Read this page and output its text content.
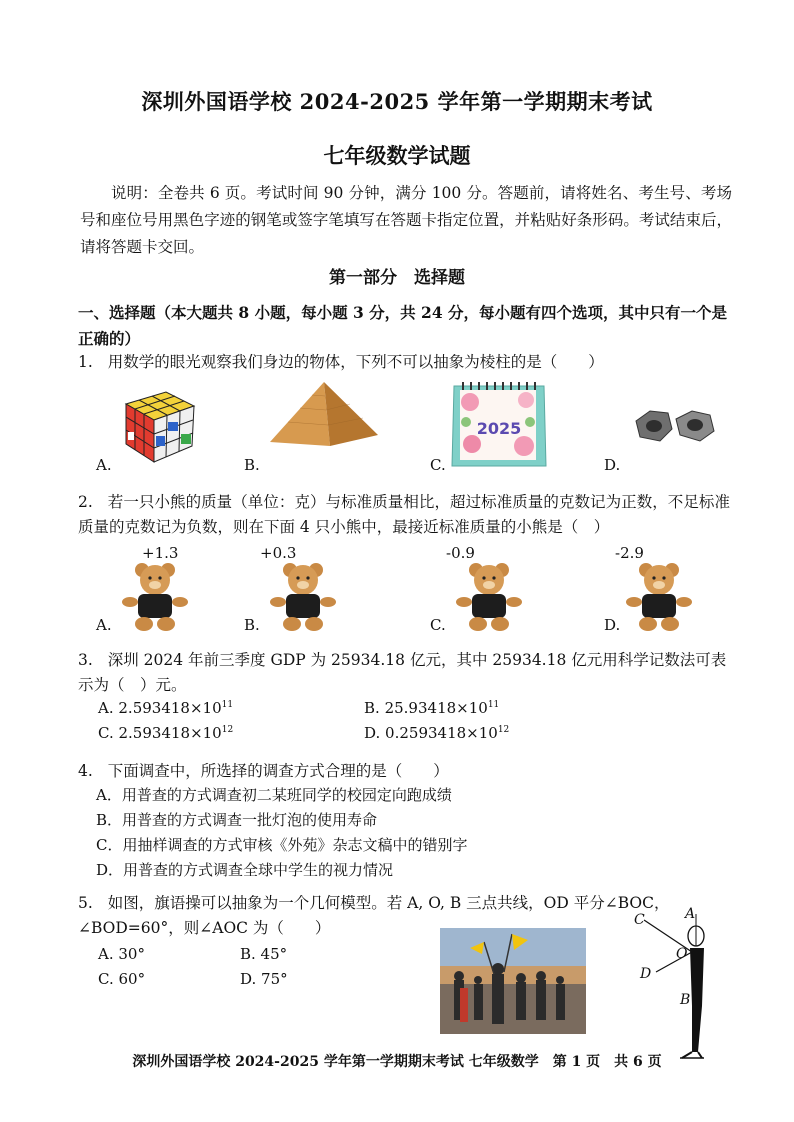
深圳外国语学校 2024-2025 学年第一学期期末考试
七年级数学试题
说明：全卷共 6 页。考试时间 90 分钟，满分 100 分。答题前，请将姓名、考生号、考场号和座位号用黑色字迹的钢笔或签字笔填写在答题卡指定位置，并粘贴好条形码。考试结束后，请将答题卡交回。
第一部分　选择题
一、选择题（本大题共 8 小题，每小题 3 分，共 24 分，每小题有四个选项，其中只有一个是正确的）
1. 用数学的眼光观察我们身边的物体，下列不可以抽象为棱柱的是（　　）
2025
A.	B.	C.	D.
2. 若一只小熊的质量（单位：克）与标准质量相比，超过标准质量的克数记为正数，不足标准质量的克数记为负数，则在下面 4 只小熊中，最接近标准质量的小熊是（　）
+1.3	+0.3	-0.9	-2.9
A.	B.	C.	D.
3. 深圳 2024 年前三季度 GDP 为 25934.18 亿元，其中 25934.18 亿元用科学记数法可表示为（　）元。
A. $2.593418\times 10^{11}$	B. $25.93418\times 10^{11}$
C. $2.593418\times 10^{12}$	D. $0.2593418\times 10^{12}$
4. 下面调查中，所选择的调查方式合理的是（　　）
A．用普查的方式调查初二某班同学的校园定向跑成绩
B．用普查的方式调查一批灯泡的使用寿命
C．用抽样调查的方式审核《外苑》杂志文稿中的错别字
D．用普查的方式调查全球中学生的视力情况
5. 如图，旗语操可以抽象为一个几何模型。若 A, O, B 三点共线，OD 平分∠BOC，∠BOD=60°，则∠AOC 为（　　）
A. 30°	B. 45°
C. 60°	D. 75°
A
C
O
D
B
深圳外国语学校 2024-2025 学年第一学期期末考试 七年级数学　第 1 页　共 6 页
